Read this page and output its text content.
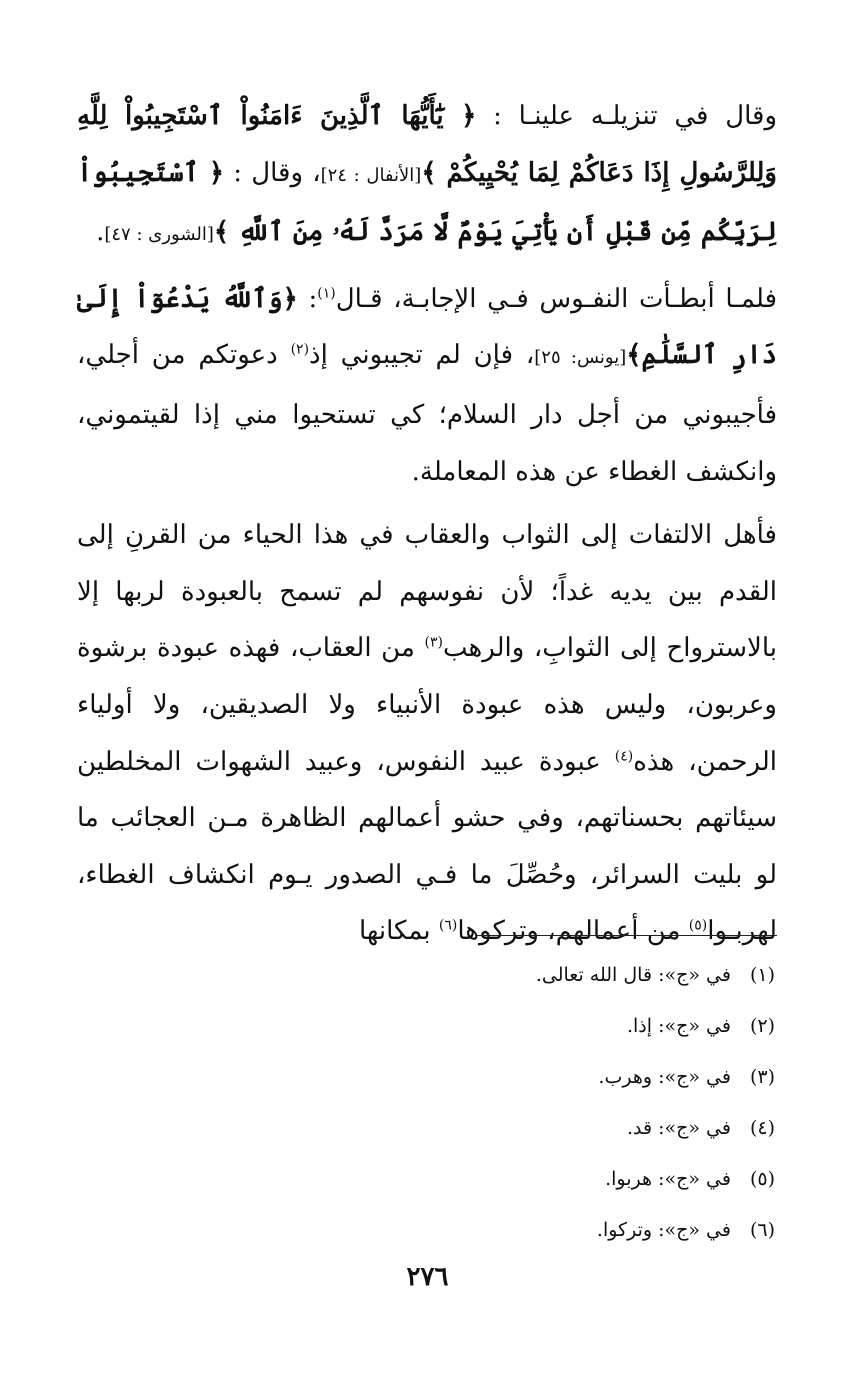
وقال في تنزيلـه علينـا : ﴿ يَٰٓأَيُّهَا ٱلَّذِينَ ءَامَنُواْ ٱسْتَجِيبُواْ لِلَّهِ وَلِلرَّسُولِ إِذَا دَعَاكُمْ لِمَا يُحْيِيكُمْ ﴾[الأنفال : ٢٤]، وقال : ﴿ ٱسْتَجِيبُواْ لِرَبِّكُم مِّن قَبْلِ أَن يَأْتِيَ يَوْمٌ لَّا مَرَدَّ لَهُۥ مِنَ ٱللَّهِ ﴾[الشورى : ٤٧].

فلمـا أبطـأت النفـوس فـي الإجابـة، قـال$^{(١)}$: ﴿وَٱللَّهُ يَدْعُوٓاْ إِلَىٰ دَارِ ٱلسَّلَٰمِ﴾[يونس: ٢٥]، فإن لم تجيبوني إذ$^{(٢)}$ دعوتكم من أجلي، فأجيبوني من أجل دار السلام؛ كي تستحيوا مني إذا لقيتموني، وانكشف الغطاء عن هذه المعاملة.

فأهل الالتفات إلى الثواب والعقاب في هذا الحياء من القرنِ إلى القدم بين يديه غداً؛ لأن نفوسهم لم تسمح بالعبودة لربها إلا بالاسترواح إلى الثوابِ، والرهب$^{(٣)}$ من العقاب، فهذه عبودة برشوة وعربون، وليس هذه عبودة الأنبياء ولا الصديقين، ولا أولياء الرحمن، هذه$^{(٤)}$ عبودة عبيد النفوس، وعبيد الشهوات المخلطين سيئاتهم بحسناتهم، وفي حشو أعمالهم الظاهرة مـن العجائب ما لو بليت السرائر، وحُصِّلَ ما فـي الصدور يـوم انكشاف الغطاء، لهربـوا$^{(٥)}$ من أعمالهم، وتركوها$^{(٦)}$ بمكانها

(١) في «ج»: قال الله تعالى.
(٢) في «ج»: إذا.
(٣) في «ج»: وهرب.
(٤) في «ج»: قد.
(٥) في «ج»: هربوا.
(٦) في «ج»: وتركوا.
٢٧٦
